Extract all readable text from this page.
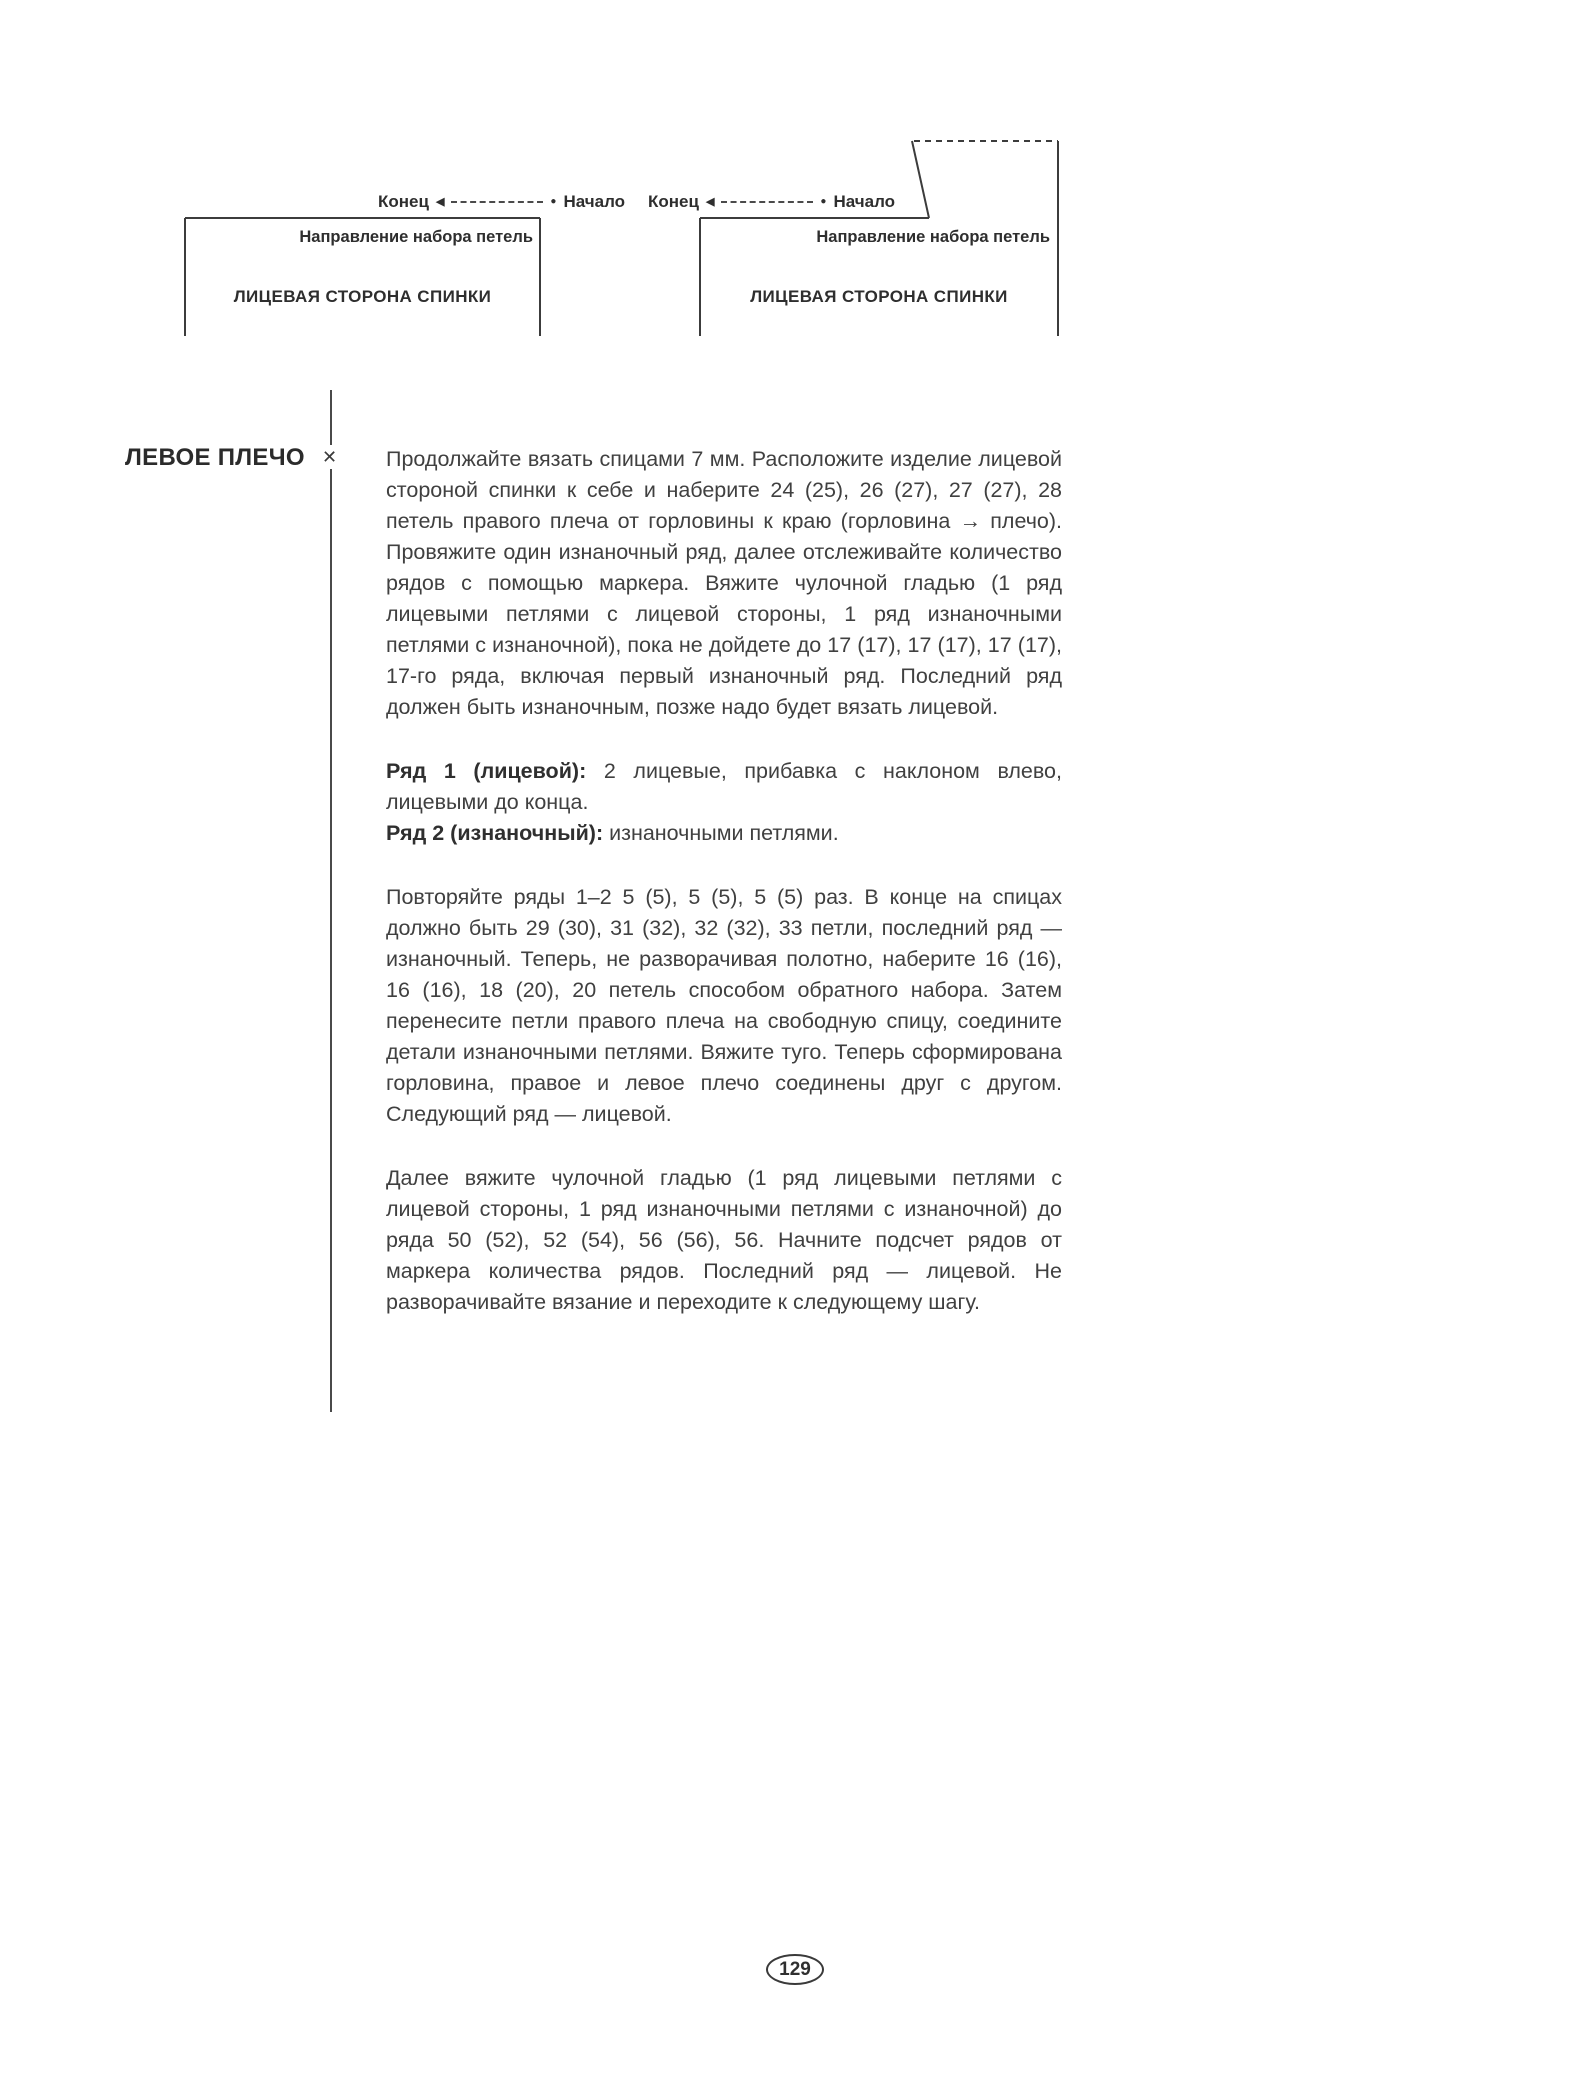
Конец ◀	● Начало Конец ◀	● Начало
Направление набора петель	Направление набора петель
ЛИЦЕВАЯ СТОРОНА СПИНКИ	ЛИЦЕВАЯ СТОРОНА СПИНКИ
ЛЕВОЕ ПЛЕЧО ✕ Продолжайте вязать спицами 7 мм. Расположите изделие лицевой стороной спинки к себе и наберите 24 (25), 26 (27), 27 (27), 28 петель правого плеча от горловины к краю (горловина → плечо). Провяжите один изнаночный ряд, далее отслеживайте количество рядов с помощью маркера. Вяжите чулочной гладью (1 ряд лицевыми петлями с лицевой стороны, 1 ряд изнаночными петлями с изнаночной), пока не дойдете до 17 (17), 17 (17), 17 (17), 17-го ряда, включая первый изнаночный ряд. Последний ряд должен быть изнаночным, позже надо будет вязать лицевой.

Ряд 1 (лицевой): 2 лицевые, прибавка с наклоном влево, лицевыми до конца.
Ряд 2 (изнаночный): изнаночными петлями.

Повторяйте ряды 1–2 5 (5), 5 (5), 5 (5) раз. В конце на спицах должно быть 29 (30), 31 (32), 32 (32), 33 петли, последний ряд — изнаночный. Теперь, не разворачивая полотно, наберите 16 (16), 16 (16), 18 (20), 20 петель способом обратного набора. Затем перенесите петли правого плеча на свободную спицу, соедините детали изнаночными петлями. Вяжите туго. Теперь сформирована горловина, правое и левое плечо соединены друг с другом. Следующий ряд — лицевой.

Далее вяжите чулочной гладью (1 ряд лицевыми петлями с лицевой стороны, 1 ряд изнаночными петлями с изнаночной) до ряда 50 (52), 52 (54), 56 (56), 56. Начните подсчет рядов от маркера количества рядов. Последний ряд — лицевой. Не разворачивайте вязание и переходите к следующему шагу.

129
